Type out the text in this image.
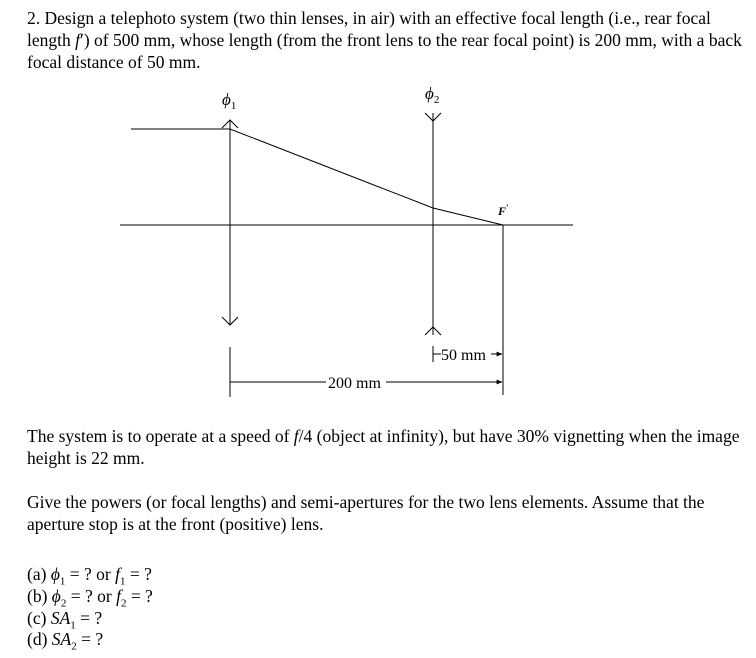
2. Design a telephoto system (two thin lenses, in air) with an effective focal length (i.e., rear focal length f′) of 500 mm, whose length (from the front lens to the rear focal point) is 200 mm, with a back focal distance of 50 mm.

$\phi_1$
$\phi_2$
F′
50 mm
200 mm

The system is to operate at a speed of f/4 (object at infinity), but have 30% vignetting when the image height is 22 mm.

Give the powers (or focal lengths) and semi-apertures for the two lens elements. Assume that the aperture stop is at the front (positive) lens.

(a) $\phi_1$ = ? or $f_1$ = ?
(b) $\phi_2$ = ? or $f_2$ = ?
(c) $SA_1$ = ?
(d) $SA_2$ = ?
